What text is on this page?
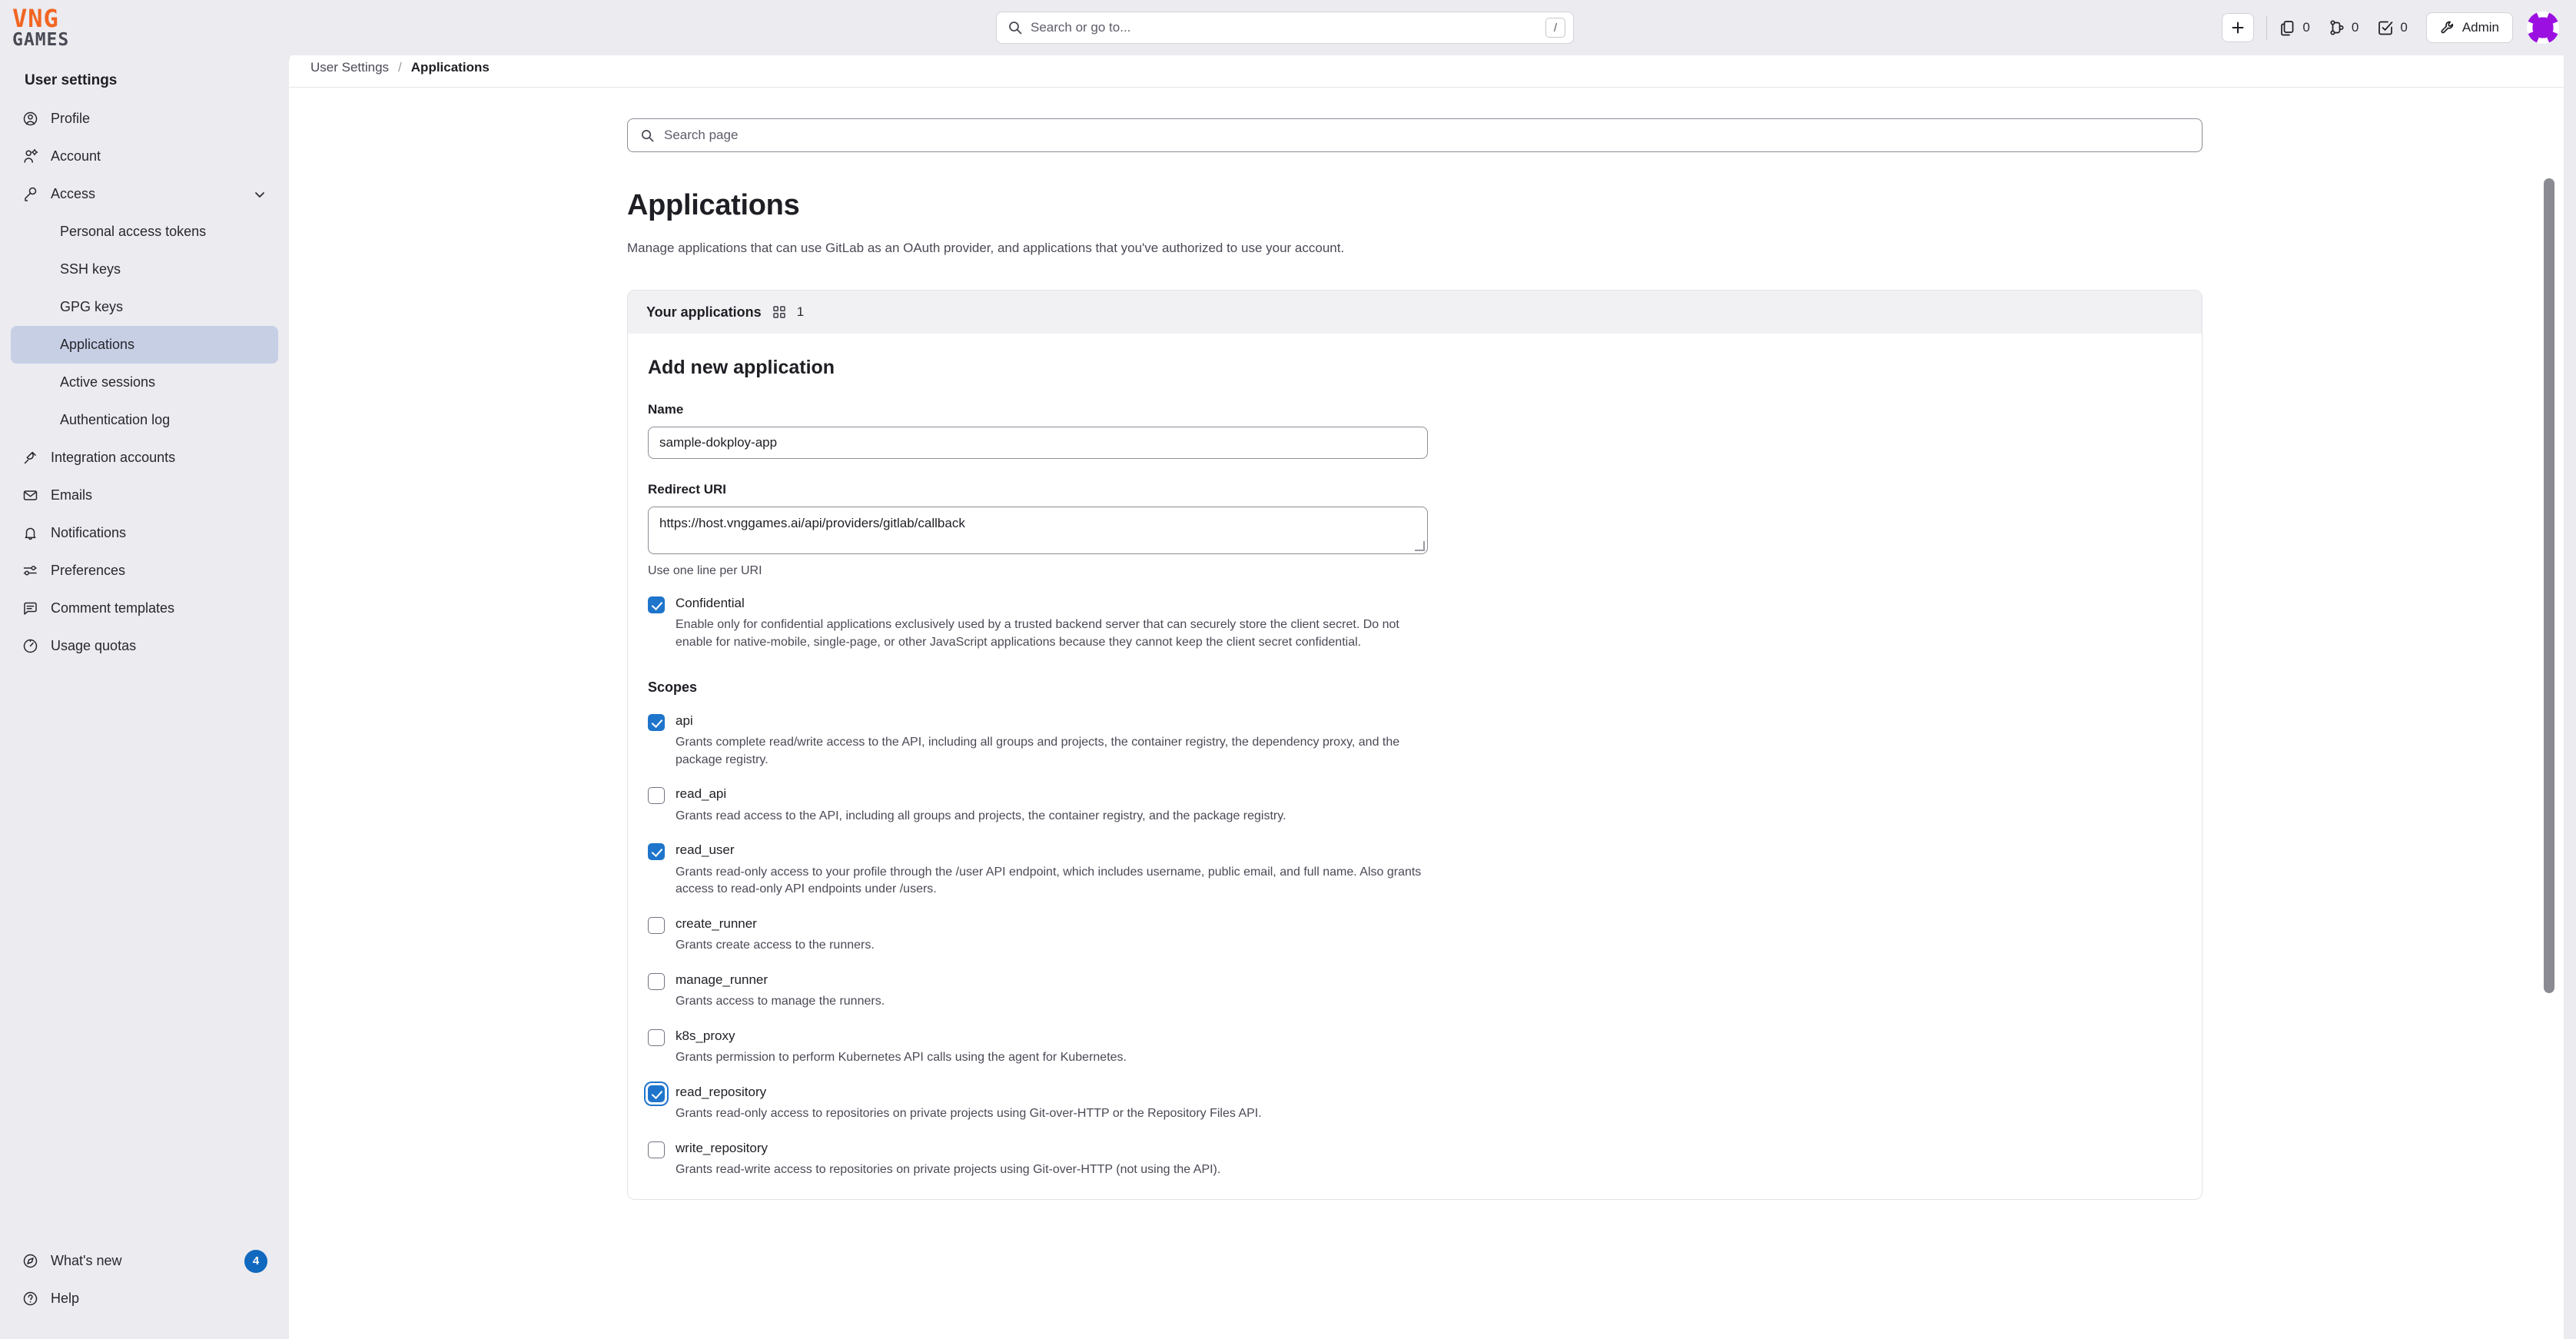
VNG
GAMES
Search or go to...	/	0	0	0	Admin
User settings
Profile
Account
Access
Personal access tokens
SSH keys
GPG keys
Applications
Active sessions
Authentication log
Integration accounts
Emails
Notifications
Preferences
Comment templates
Usage quotas
What's new	4
Help
User Settings / Applications
Search page
Applications
Manage applications that can use GitLab as an OAuth provider, and applications that you've authorized to use your account.
Your applications	1
Add new application
Name
sample-dokploy-app
Redirect URI
https://host.vnggames.ai/api/providers/gitlab/callback
Use one line per URI
Confidential
Enable only for confidential applications exclusively used by a trusted backend server that can securely store the client secret. Do not enable for native-mobile, single-page, or other JavaScript applications because they cannot keep the client secret confidential.
Scopes
api
Grants complete read/write access to the API, including all groups and projects, the container registry, the dependency proxy, and the package registry.
read_api
Grants read access to the API, including all groups and projects, the container registry, and the package registry.
read_user
Grants read-only access to your profile through the /user API endpoint, which includes username, public email, and full name. Also grants access to read-only API endpoints under /users.
create_runner
Grants create access to the runners.
manage_runner
Grants access to manage the runners.
k8s_proxy
Grants permission to perform Kubernetes API calls using the agent for Kubernetes.
read_repository
Grants read-only access to repositories on private projects using Git-over-HTTP or the Repository Files API.
write_repository
Grants read-write access to repositories on private projects using Git-over-HTTP (not using the API).
